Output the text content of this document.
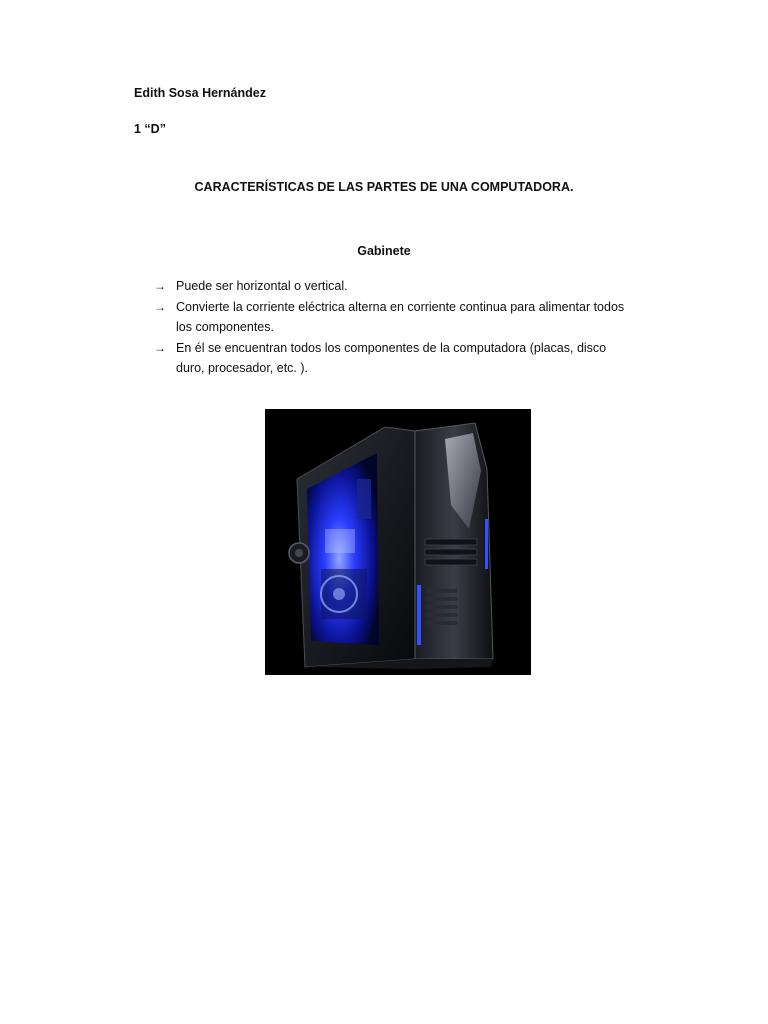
Edith Sosa Hernández
1 “D”
CARACTERÍSTICAS DE LAS PARTES DE UNA COMPUTADORA.
Gabinete
→ Puede ser horizontal o vertical.
→ Convierte la corriente eléctrica alterna en corriente continua para alimentar todos los componentes.
→ En él se encuentran todos los componentes de la computadora (placas, disco duro, procesador, etc. ).
